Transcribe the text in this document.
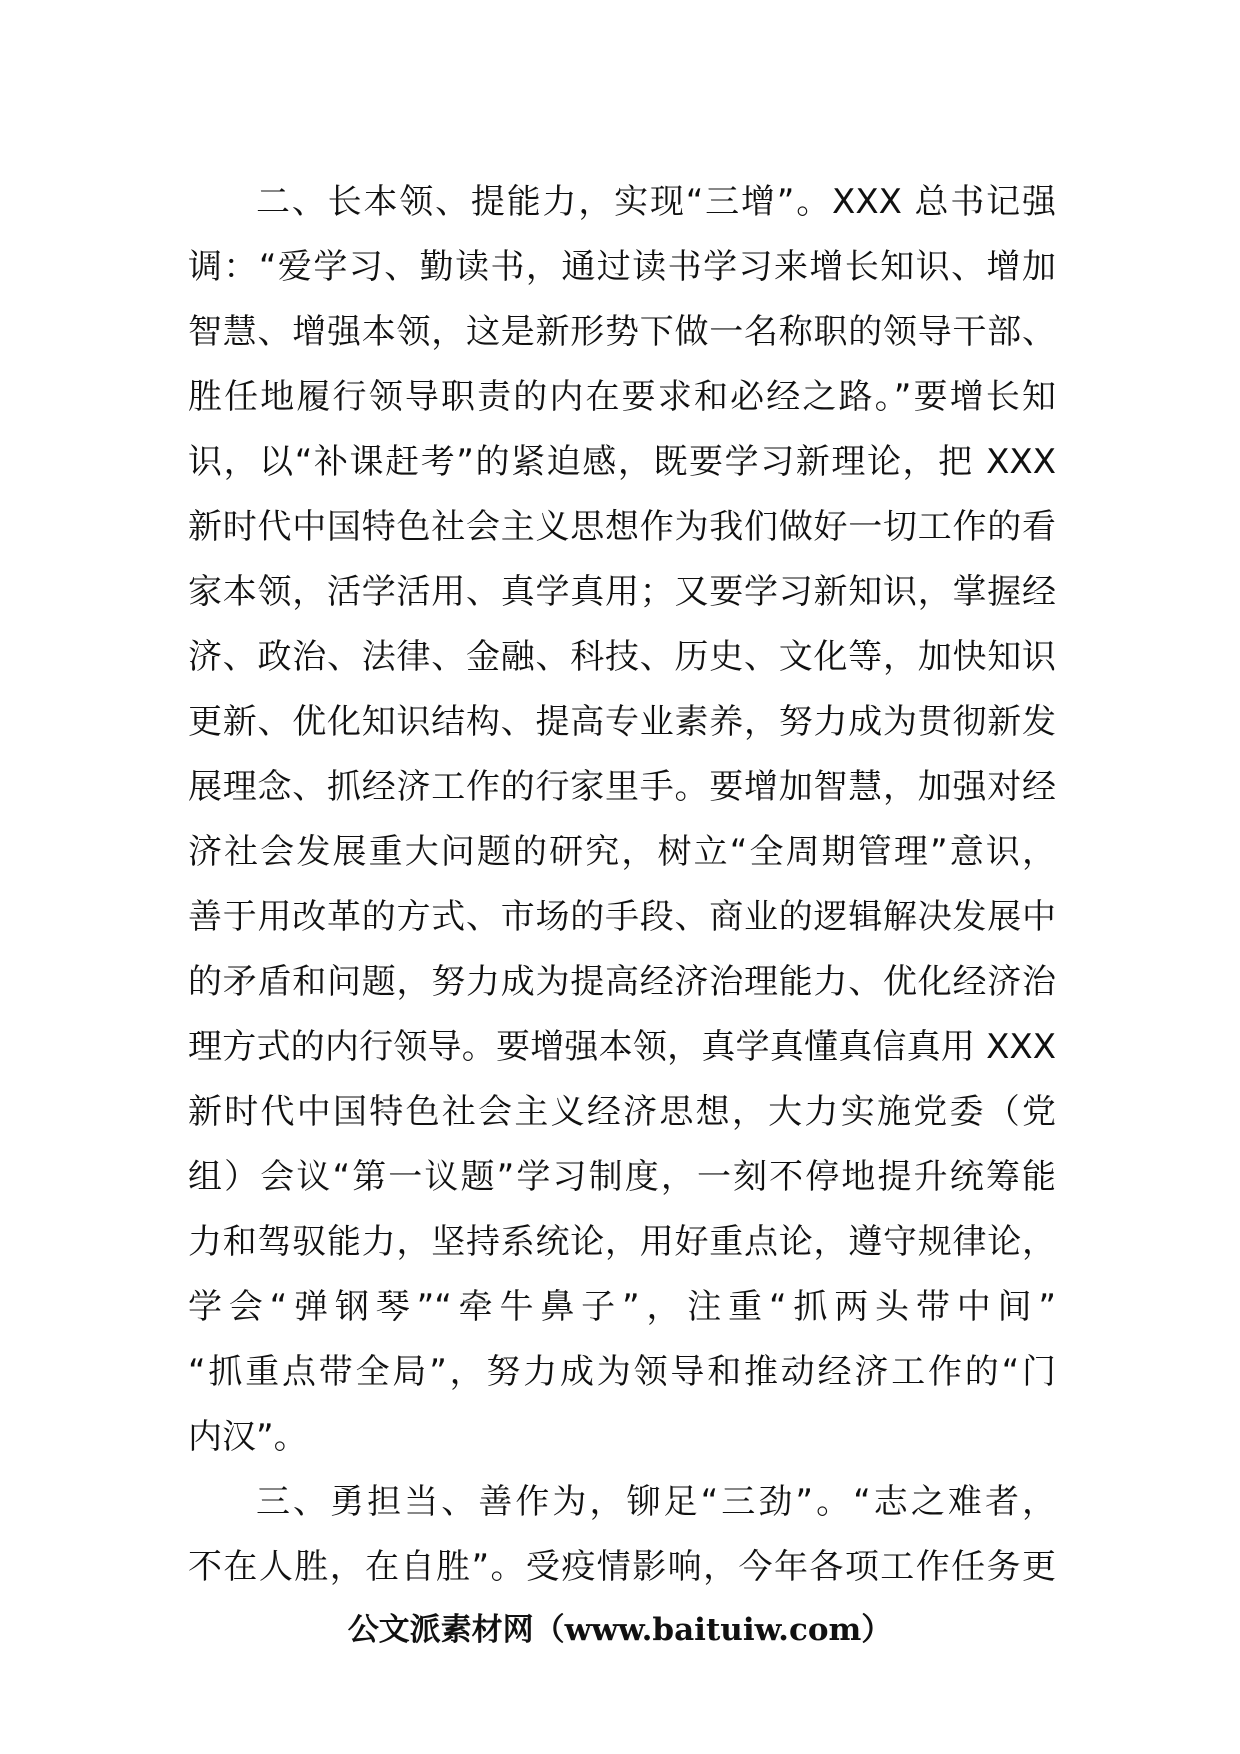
二、长本领、提能力，实现“三增”。XXX 总书记强
调：“爱学习、勤读书，通过读书学习来增长知识、增加
智慧、增强本领，这是新形势下做一名称职的领导干部、
胜任地履行领导职责的内在要求和必经之路。”要增长知
识，以“补课赶考”的紧迫感，既要学习新理论，把 XXX
新时代中国特色社会主义思想作为我们做好一切工作的看
家本领，活学活用、真学真用；又要学习新知识，掌握经
济、政治、法律、金融、科技、历史、文化等，加快知识
更新、优化知识结构、提高专业素养，努力成为贯彻新发
展理念、抓经济工作的行家里手。要增加智慧，加强对经
济社会发展重大问题的研究，树立“全周期管理”意识，
善于用改革的方式、市场的手段、商业的逻辑解决发展中
的矛盾和问题，努力成为提高经济治理能力、优化经济治
理方式的内行领导。要增强本领，真学真懂真信真用 XXX
新时代中国特色社会主义经济思想，大力实施党委（党
组）会议“第一议题”学习制度，一刻不停地提升统筹能
力和驾驭能力，坚持系统论，用好重点论，遵守规律论，
学会“弹钢琴”“牵牛鼻子”，注重“抓两头带中间”
“抓重点带全局”，努力成为领导和推动经济工作的“门
内汉”。
三、勇担当、善作为，铆足“三劲”。“志之难者，
不在人胜，在自胜”。受疫情影响，今年各项工作任务更
公文派素材网（www.baituiw.com）
